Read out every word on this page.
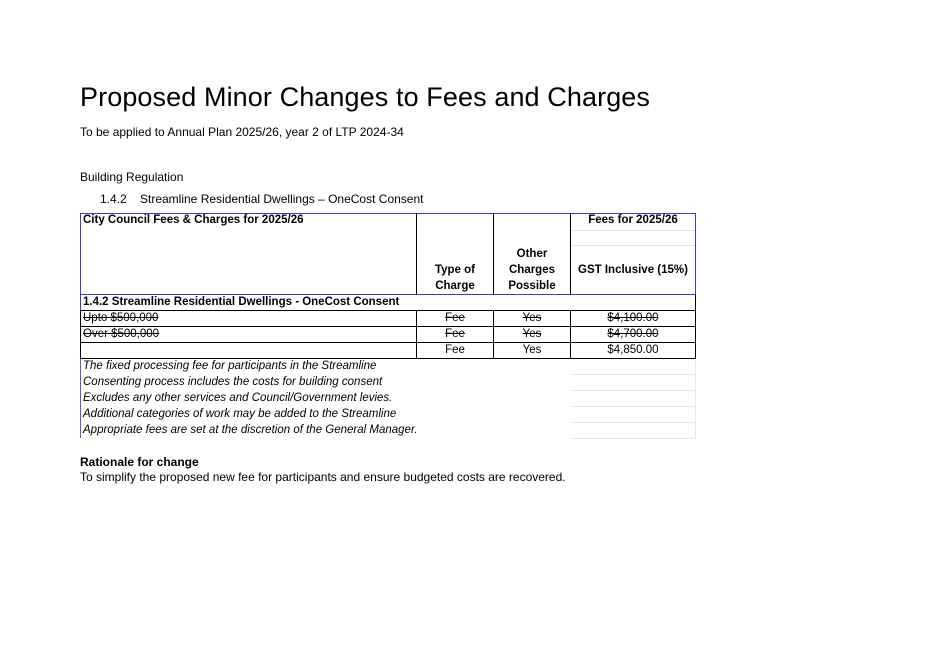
Proposed Minor Changes to Fees and Charges
To be applied to Annual Plan 2025/26, year 2 of LTP 2024-34
Building Regulation
1.4.2 Streamline Residential Dwellings – OneCost Consent
City Council Fees & Charges for 2025/26			Fees for 2025/26

	Type of Charge	Other Charges Possible	GST Inclusive (15%)
1.4.2 Streamline Residential Dwellings - OneCost Consent			
Upto $500,000	Fee	Yes	$4,100.00
Over $500,000	Fee	Yes	$4,700.00
	Fee	Yes	$4,850.00
The fixed processing fee for participants in the Streamline			
Consenting process includes the costs for building consent			
Excludes any other services and Council/Government levies.			
Additional categories of work may be added to the Streamline			
Appropriate fees are set at the discretion of the General Manager.			
Rationale for change
To simplify the proposed new fee for participants and ensure budgeted costs are recovered.
